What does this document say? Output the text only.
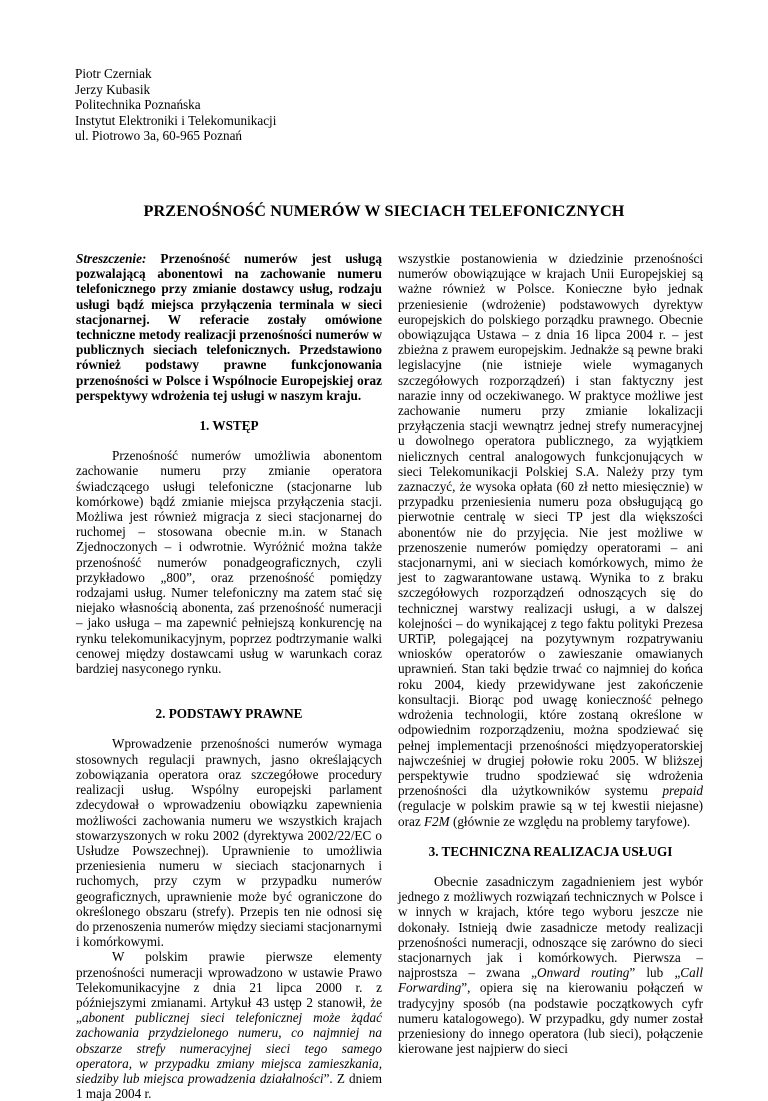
Piotr Czerniak
Jerzy Kubasik
Politechnika Poznańska
Instytut Elektroniki i Telekomunikacji
ul. Piotrowo 3a, 60-965 Poznań
PRZENOŚNOŚĆ NUMERÓW W SIECIACH TELEFONICZNYCH

Streszczenie: Przenośność numerów jest usługą pozwalającą abonentowi na zachowanie numeru telefonicznego przy zmianie dostawcy usług, rodzaju usługi bądź miejsca przyłączenia terminala w sieci stacjonarnej. W referacie zostały omówione techniczne metody realizacji przenośności numerów w publicznych sieciach telefonicznych. Przedstawiono również podstawy prawne funkcjonowania przenośności w Polsce i Wspólnocie Europejskiej oraz perspektywy wdrożenia tej usługi w naszym kraju.

1. WSTĘP

Przenośność numerów umożliwia abonentom zachowanie numeru przy zmianie operatora świadczącego usługi telefoniczne (stacjonarne lub komórkowe) bądź zmianie miejsca przyłączenia stacji. Możliwa jest również migracja z sieci stacjonarnej do ruchomej – stosowana obecnie m.in. w Stanach Zjednoczonych – i odwrotnie. Wyróżnić można także przenośność numerów ponadgeograficznych, czyli przykładowo „800”, oraz przenośność pomiędzy rodzajami usług. Numer telefoniczny ma zatem stać się niejako własnością abonenta, zaś przenośność numeracji – jako usługa – ma zapewnić pełniejszą konkurencję na rynku telekomunikacyjnym, poprzez podtrzymanie walki cenowej między dostawcami usług w warunkach coraz bardziej nasyconego rynku.

2. PODSTAWY PRAWNE

Wprowadzenie przenośności numerów wymaga stosownych regulacji prawnych, jasno określających zobowiązania operatora oraz szczegółowe procedury realizacji usług. Wspólny europejski parlament zdecydował o wprowadzeniu obowiązku zapewnienia możliwości zachowania numeru we wszystkich krajach stowarzyszonych w roku 2002 (dyrektywa 2002/22/EC o Usłudze Powszechnej). Uprawnienie to umożliwia przeniesienia numeru w sieciach stacjonarnych i ruchomych, przy czym w przypadku numerów geograficznych, uprawnienie może być ograniczone do określonego obszaru (strefy). Przepis ten nie odnosi się do przenoszenia numerów między sieciami stacjonarnymi i komórkowymi.

W polskim prawie pierwsze elementy przenośności numeracji wprowadzono w ustawie Prawo Telekomunikacyjne z dnia 21 lipca 2000 r. z późniejszymi zmianami. Artykuł 43 ustęp 2 stanowił, że „abonent publicznej sieci telefonicznej może żądać zachowania przydzielonego numeru, co najmniej na obszarze strefy numeracyjnej sieci tego samego operatora, w przypadku zmiany miejsca zamieszkania, siedziby lub miejsca prowadzenia działalności”. Z dniem 1 maja 2004 r.

wszystkie postanowienia w dziedzinie przenośności numerów obowiązujące w krajach Unii Europejskiej są ważne również w Polsce. Konieczne było jednak przeniesienie (wdrożenie) podstawowych dyrektyw europejskich do polskiego porządku prawnego. Obecnie obowiązująca Ustawa – z dnia 16 lipca 2004 r. – jest zbieżna z prawem europejskim. Jednakże są pewne braki legislacyjne (nie istnieje wiele wymaganych szczegółowych rozporządzeń) i stan faktyczny jest narazie inny od oczekiwanego. W praktyce możliwe jest zachowanie numeru przy zmianie lokalizacji przyłączenia stacji wewnątrz jednej strefy numeracyjnej u dowolnego operatora publicznego, za wyjątkiem nielicznych central analogowych funkcjonujących w sieci Telekomunikacji Polskiej S.A. Należy przy tym zaznaczyć, że wysoka opłata (60 zł netto miesięcznie) w przypadku przeniesienia numeru poza obsługującą go pierwotnie centralę w sieci TP jest dla większości abonentów nie do przyjęcia. Nie jest możliwe w przenoszenie numerów pomiędzy operatorami – ani stacjonarnymi, ani w sieciach komórkowych, mimo że jest to zagwarantowane ustawą. Wynika to z braku szczegółowych rozporządzeń odnoszących się do technicznej warstwy realizacji usługi, a w dalszej kolejności – do wynikającej z tego faktu polityki Prezesa URTiP, polegającej na pozytywnym rozpatrywaniu wniosków operatorów o zawieszanie omawianych uprawnień. Stan taki będzie trwać co najmniej do końca roku 2004, kiedy przewidywane jest zakończenie konsultacji. Biorąc pod uwagę konieczność pełnego wdrożenia technologii, które zostaną określone w odpowiednim rozporządzeniu, można spodziewać się pełnej implementacji przenośności międzyoperatorskiej najwcześniej w drugiej połowie roku 2005. W bliższej perspektywie trudno spodziewać się wdrożenia przenośności dla użytkowników systemu prepaid (regulacje w polskim prawie są w tej kwestii niejasne) oraz F2M (głównie ze względu na problemy taryfowe).

3. TECHNICZNA REALIZACJA USŁUGI

Obecnie zasadniczym zagadnieniem jest wybór jednego z możliwych rozwiązań technicznych w Polsce i w innych w krajach, które tego wyboru jeszcze nie dokonały. Istnieją dwie zasadnicze metody realizacji przenośności numeracji, odnoszące się zarówno do sieci stacjonarnych jak i komórkowych. Pierwsza – najprostsza – zwana „Onward routing” lub „Call Forwarding”, opiera się na kierowaniu połączeń w tradycyjny sposób (na podstawie początkowych cyfr numeru katalogowego). W przypadku, gdy numer został przeniesiony do innego operatora (lub sieci), połączenie kierowane jest najpierw do sieci
